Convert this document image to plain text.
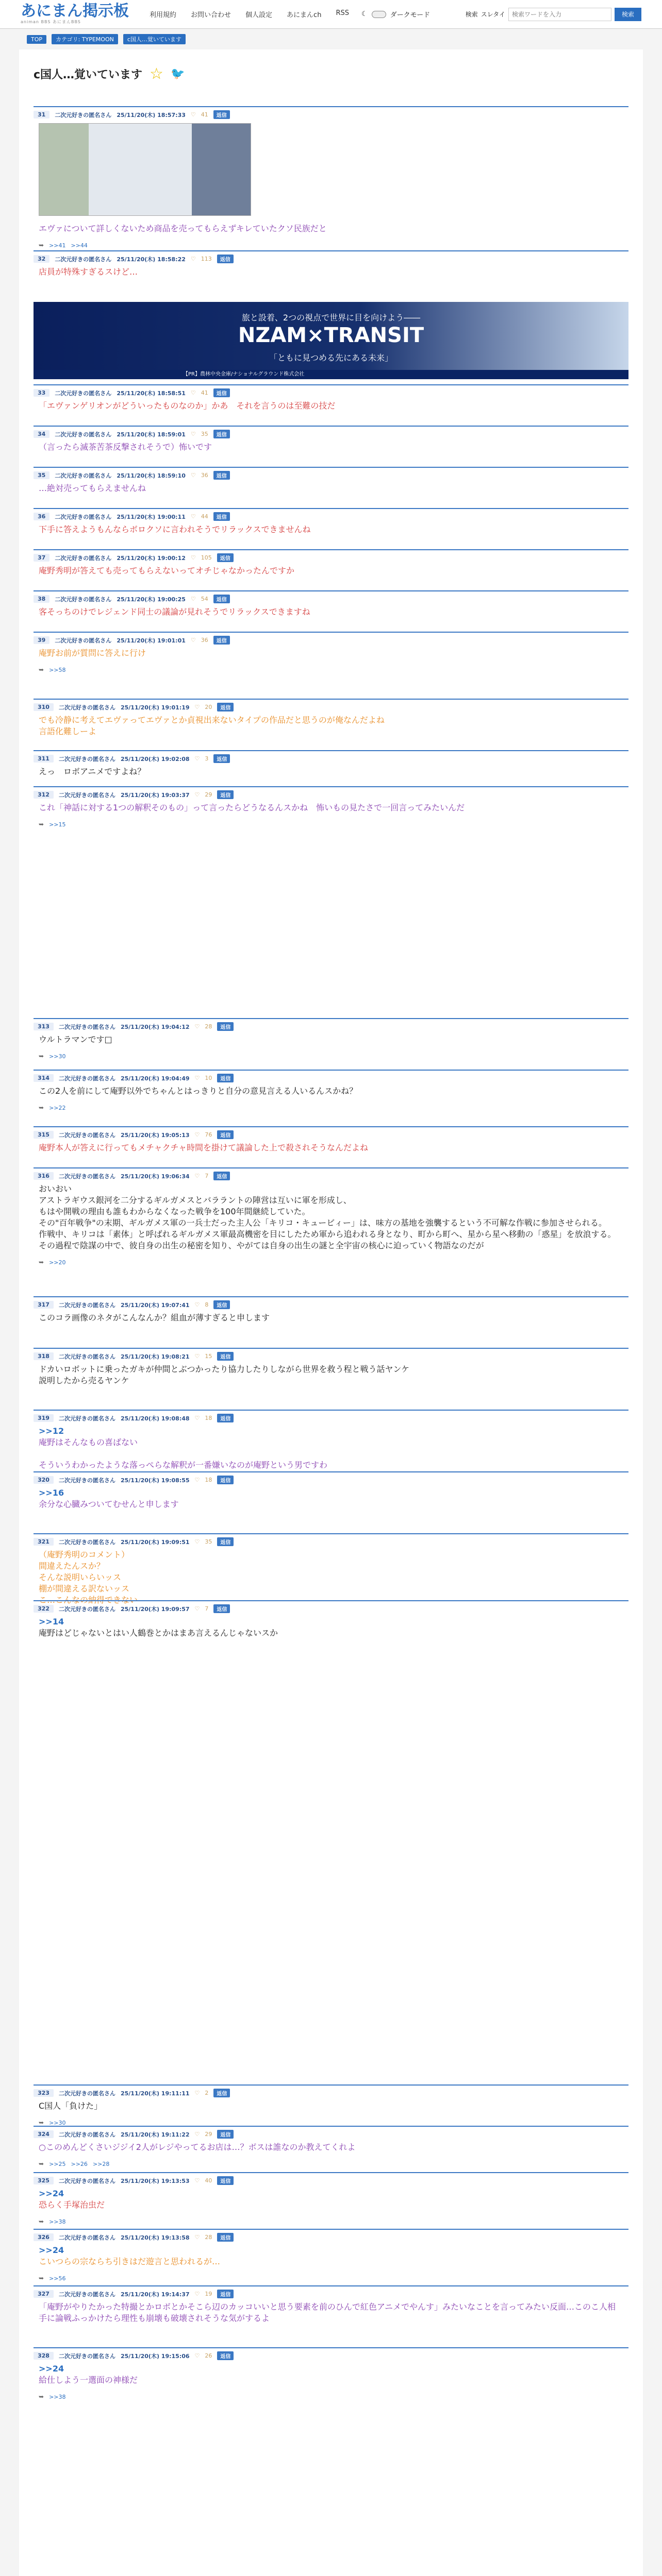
あにまん掲示板
animan BBS あにまんBBS
利用規約 お問い合わせ 個人設定 あにまんch RSS ☾	ダークモード	検索 スレタイ
検索ワードを入力	検索
TOP	カテゴリ: TYPEMOON	c国人…覚いています
c国人…覚いています ☆ 🐦
31	二次元好きの匿名さん 25/11/20(木) 18:57:33 ♡ 41	返信
エヴァについて詳しくないため商品を売ってもらえずキレていたクソ民族だと
➥ >>41 >>44
32	二次元好きの匿名さん 25/11/20(木) 18:58:22 ♡ 113	返信
店員が特殊すぎるスけど…
33	二次元好きの匿名さん 25/11/20(木) 18:58:51 ♡ 41	返信
「エヴァンゲリオンがどういったものなのか」かあ　それを言うのは至難の技だ
34	二次元好きの匿名さん 25/11/20(木) 18:59:01 ♡ 35	返信
（言ったら滅茶苦茶反撃されそうで）怖いです
35	二次元好きの匿名さん 25/11/20(木) 18:59:10 ♡ 36	返信
…絶対売ってもらえませんね
36	二次元好きの匿名さん 25/11/20(木) 19:00:11 ♡ 44	返信
下手に答えようもんならボロクソに言われそうでリラックスできませんね
37	二次元好きの匿名さん 25/11/20(木) 19:00:12 ♡ 105	返信
庵野秀明が答えても売ってもらえないってオチじゃなかったんですか
38	二次元好きの匿名さん 25/11/20(木) 19:00:25 ♡ 54	返信
客そっちのけでレジェンド同士の議論が見れそうでリラックスできますね
39	二次元好きの匿名さん 25/11/20(木) 19:01:01 ♡ 36	返信
庵野お前が質問に答えに行け
➥ >>58
310	二次元好きの匿名さん 25/11/20(木) 19:01:19 ♡ 20	返信
でも冷静に考えてエヴァってエヴァとか貞視出来ないタイプの作品だと思うのが俺なんだよね
言語化難しーよ
311	二次元好きの匿名さん 25/11/20(木) 19:02:08 ♡ 3	返信
えっ　ロボアニメですよね？
312	二次元好きの匿名さん 25/11/20(木) 19:03:37 ♡ 29	返信
これ「神話に対する1つの解釈そのもの」って言ったらどうなるんスかね　怖いもの見たさで一回言ってみたいんだ
➥ >>15
313	二次元好きの匿名さん 25/11/20(木) 19:04:12 ♡ 28	返信
ウルトラマンです□
➥ >>30
314	二次元好きの匿名さん 25/11/20(木) 19:04:49 ♡ 10	返信
この2人を前にして庵野以外でちゃんとはっきりと自分の意見言える人いるんスかね？
➥ >>22
315	二次元好きの匿名さん 25/11/20(木) 19:05:13 ♡ 76	返信
庵野本人が答えに行ってもメチャクチャ時間を掛けて議論した上で殺されそうなんだよね
316	二次元好きの匿名さん 25/11/20(木) 19:06:34 ♡ 7	返信
おいおい
アストラギウス銀河を二分するギルガメスとバララントの陣営は互いに軍を形成し、
もはや開戦の理由も誰もわからなくなった戦争を100年間継続していた。
その"百年戦争"の末期、ギルガメス軍の一兵士だった主人公「キリコ・キュービィー」は、味方の基地を強襲するという不可解な作戦に参加させられる。
作戦中、キリコは「素体」と呼ばれるギルガメス軍最高機密を目にしたため軍から追われる身となり、町から町へ、星から星へ移動の「惑星」を放浪する。
その過程で陰謀の中で、彼自身の出生の秘密を知り、やがては自身の出生の謎と全宇宙の核心に迫っていく物語なのだが
➥ >>20
317	二次元好きの匿名さん 25/11/20(木) 19:07:41 ♡ 8	返信
このコラ画像のネタがこんなんか？組血が薄すぎると申します
318	二次元好きの匿名さん 25/11/20(木) 19:08:21 ♡ 15	返信
ドカいロボットに乗ったガキが仲間とぶつかったり協力したりしながら世界を救う程と戦う話ヤンケ
説明したから売るヤンケ
319	二次元好きの匿名さん 25/11/20(木) 19:08:48 ♡ 18	返信
>>12
庵野はそんなもの喜ばない

そういうわかったような落っぺらな解釈が一番嫌いなのが庵野という男ですわ
320	二次元好きの匿名さん 25/11/20(木) 19:08:55 ♡ 18	返信
>>16
余分な心臓みついてむせんと申します
321	二次元好きの匿名さん 25/11/20(木) 19:09:51 ♡ 35	返信
（庵野秀明のコメント）
間違えたんスか？
そんな説明いらいッス
棚が間違える訳ないッス
こ…こんなの納得できない
322	二次元好きの匿名さん 25/11/20(木) 19:09:57 ♡ 7	返信
>>14
庵野はどじゃないとはい人鶴巻とかはまあ言えるんじゃないスか
323	二次元好きの匿名さん 25/11/20(木) 19:11:11 ♡ 2	返信
C国人「負けた」
➥ >>30
324	二次元好きの匿名さん 25/11/20(木) 19:11:22 ♡ 29	返信
○このめんどくさいジジイ2人がレジやってるお店は…？ボスは誰なのか教えてくれよ
➥ >>25 >>26 >>28
325	二次元好きの匿名さん 25/11/20(木) 19:13:53 ♡ 40	返信
>>24
恐らく手塚治虫だ
➥ >>38
326	二次元好きの匿名さん 25/11/20(木) 19:13:58 ♡ 28	返信
>>24
こいつらの宗ならち引きはだ遊言と思われるが…
➥ >>56
327	二次元好きの匿名さん 25/11/20(木) 19:14:37 ♡ 19	返信
「庵野がやりたかった特撮とかロボとかそこら辺のカッコいいと思う要素を前のひんで紅色アニメでやんす」みたいなことを言ってみたい反面…このこ人相手に論戦ふっかけたら理性も崩壊も破壊されそうな気がするよ
328	二次元好きの匿名さん 25/11/20(木) 19:15:06 ♡ 26	返信
>>24
給仕しよう一選面の神様だ
➥ >>38
旅と設着、2つの視点で世界に目を向けよう――
NZAM×TRANSIT
「ともに見つめる先にある未来」
【PR】農林中央金庫/ナショナルグラウンド株式会社
